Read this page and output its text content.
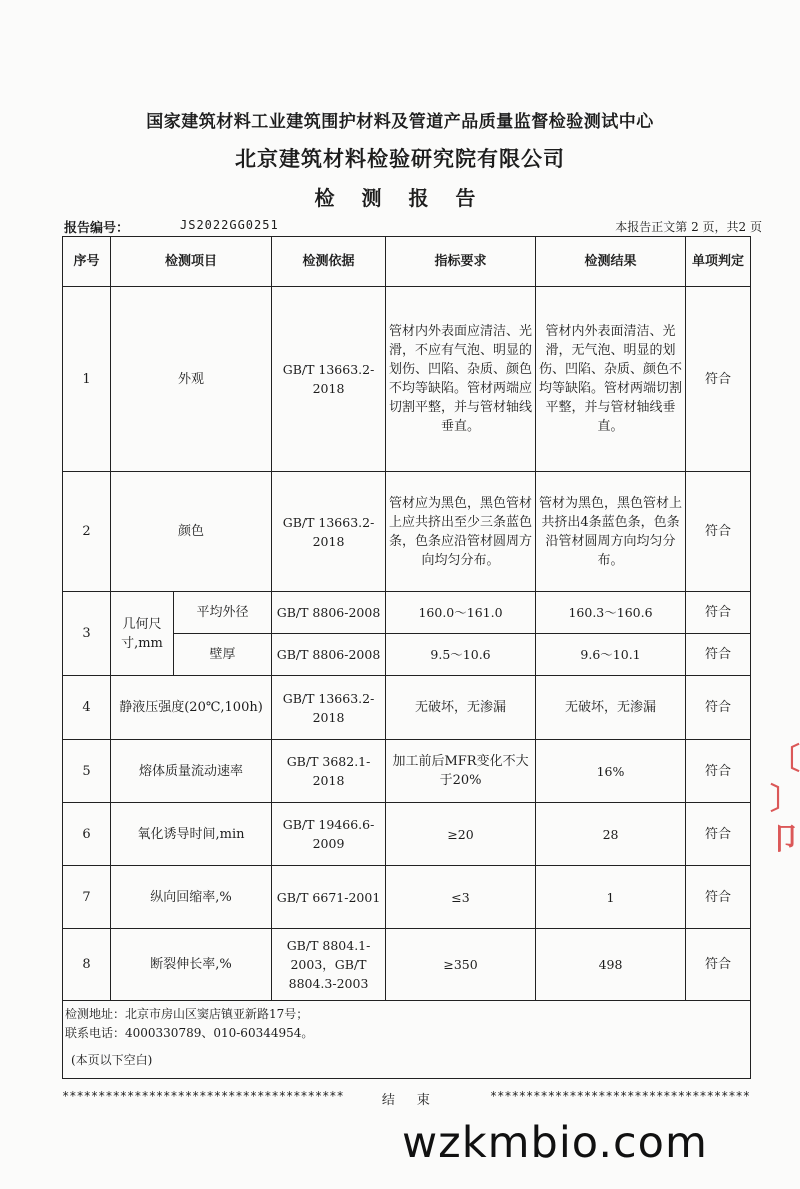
国家建筑材料工业建筑围护材料及管道产品质量监督检验测试中心
北京建筑材料检验研究院有限公司
检 测 报 告
报告编号：	JS2022GG0251	本报告正文第 2 页，共2 页
序号	检测项目		检测依据	指标要求	检测结果	单项判定
1	外观		GB/T 13663.2-2018	管材内外表面应清洁、光滑，不应有气泡、明显的划伤、凹陷、杂质、颜色不均等缺陷。管材两端应切割平整，并与管材轴线垂直。	管材内外表面清洁、光滑，无气泡、明显的划伤、凹陷、杂质、颜色不均等缺陷。管材两端切割平整，并与管材轴线垂直。	符合
2	颜色		GB/T 13663.2-2018	管材应为黑色，黑色管材上应共挤出至少三条蓝色条，色条应沿管材圆周方向均匀分布。	管材为黑色，黑色管材上共挤出4条蓝色条，色条沿管材圆周方向均匀分布。	符合
3	几何尺寸,mm	平均外径	GB/T 8806-2008	160.0～161.0	160.3～160.6	符合
		壁厚	GB/T 8806-2008	9.5～10.6	9.6～10.1	符合
4	静液压强度(20℃,100h)		GB/T 13663.2-2018	无破坏，无渗漏	无破坏，无渗漏	符合
5	熔体质量流动速率		GB/T 3682.1-2018	加工前后MFR变化不大于20%	16%	符合
6	氧化诱导时间,min		GB/T 19466.6-2009	≥20	28	符合
7	纵向回缩率,%		GB/T 6671-2001	≤3	1	符合
8	断裂伸长率,%		GB/T 8804.1-2003，GB/T 8804.3-2003	≥350	498	符合

检测地址：北京市房山区窦店镇亚新路17号；
联系电话：4000330789、010-60344954。
(本页以下空白)						
***************************************	结束	************************************
〔
〕
卩
wzkmbio.com
